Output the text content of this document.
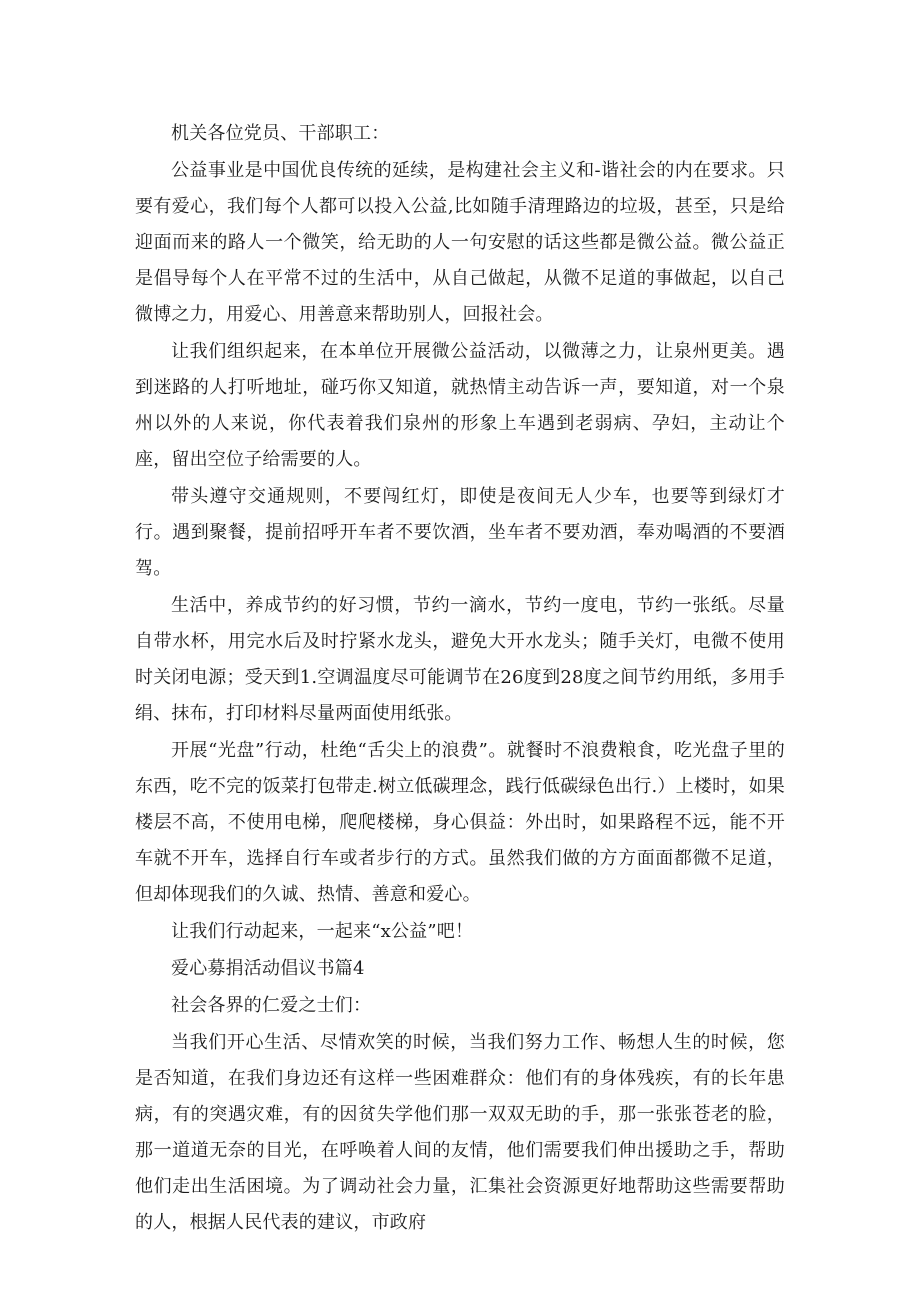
机关各位党员、干部职工：

公益事业是中国优良传统的延续，是构建社会主义和-谐社会的内在要求。只要有爱心，我们每个人都可以投入公益,比如随手清理路边的垃圾，甚至，只是给迎面而来的路人一个微笑，给无助的人一句安慰的话这些都是微公益。微公益正是倡导每个人在平常不过的生活中，从自己做起，从微不足道的事做起，以自己微博之力，用爱心、用善意来帮助别人，回报社会。

让我们组织起来，在本单位开展微公益活动，以微薄之力，让泉州更美。遇到迷路的人打听地址，碰巧你又知道，就热情主动告诉一声，要知道，对一个泉州以外的人来说，你代表着我们泉州的形象上车遇到老弱病、孕妇，主动让个座，留出空位子给需要的人。

带头遵守交通规则，不要闯红灯，即使是夜间无人少车，也要等到绿灯才行。遇到聚餐，提前招呼开车者不要饮酒，坐车者不要劝酒，奉劝喝酒的不要酒驾。

生活中，养成节约的好习惯，节约一滴水，节约一度电，节约一张纸。尽量自带水杯，用完水后及时拧紧水龙头，避免大开水龙头；随手关灯，电微不使用时关闭电源；受天到1.空调温度尽可能调节在26度到28度之间节约用纸，多用手绢、抹布，打印材料尽量两面使用纸张。

开展“光盘”行动，杜绝“舌尖上的浪费”。就餐时不浪费粮食，吃光盘子里的东西，吃不完的饭菜打包带走.树立低碳理念，践行低碳绿色出行.）上楼时，如果楼层不高，不使用电梯，爬爬楼梯，身心俱益：外出时，如果路程不远，能不开车就不开车，选择自行车或者步行的方式。虽然我们做的方方面面都微不足道，但却体现我们的久诚、热情、善意和爱心。

让我们行动起来，一起来“x公益”吧！

爱心募捐活动倡议书篇4

社会各界的仁爱之士们：

当我们开心生活、尽情欢笑的时候，当我们努力工作、畅想人生的时候，您是否知道，在我们身边还有这样一些困难群众：他们有的身体残疾，有的长年患病，有的突遇灾难，有的因贫失学他们那一双双无助的手，那一张张苍老的脸，那一道道无奈的目光，在呼唤着人间的友情，他们需要我们伸出援助之手，帮助他们走出生活困境。为了调动社会力量，汇集社会资源更好地帮助这些需要帮助的人，根据人民代表的建议，市政府
